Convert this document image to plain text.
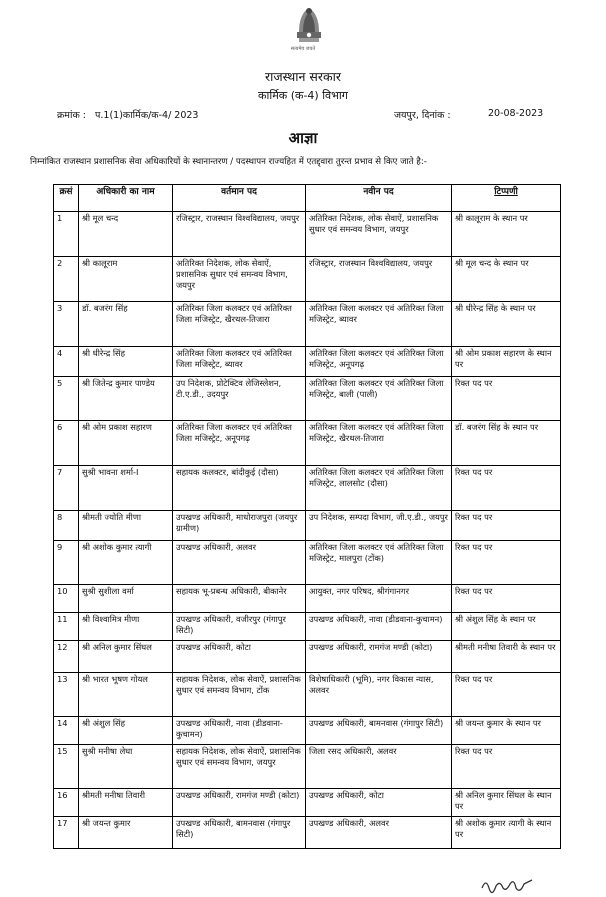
सत्यमेव जयते
राजस्थान सरकार
कार्मिक (क-4) विभाग
क्रमांक : प.1(1)कार्मिक/क-4/ 2023	जयपुर, दिनांक :	20-08-2023
आज्ञा
निम्नांकित राजस्थान प्रशासनिक सेवा अधिकारियों के स्थानान्तरण / पदस्थापन राज्यहित में एतद्द्वारा तुरन्त प्रभाव से किए जाते है:-
क्रसं	अधिकारी का नाम	वर्तमान पद	नवीन पद	टिप्पणी
1	श्री मूल चन्द	रजिस्ट्रार, राजस्थान विश्वविद्यालय, जयपुर	अतिरिक्त निदेशक, लोक सेवाऐं, प्रशासनिक सुधार एवं समन्वय विभाग, जयपुर	श्री कालूराम के स्थान पर
2	श्री कालूराम	अतिरिक्त निदेशक, लोक सेवाऐं, प्रशासनिक सुधार एवं समन्वय विभाग, जयपुर	रजिस्ट्रार, राजस्थान विश्वविद्यालय, जयपुर	श्री मूल चन्द के स्थान पर
3	डॉ. बजरंग सिंह	अतिरिक्त जिला कलक्टर एवं अतिरिक्त जिला मजिस्ट्रेट, खैरथल-तिजारा	अतिरिक्त जिला कलक्टर एवं अतिरिक्त जिला मजिस्ट्रेट, ब्यावर	श्री धीरेन्द्र सिंह के स्थान पर
4	श्री धीरेन्द्र सिंह	अतिरिक्त जिला कलक्टर एवं अतिरिक्त जिला मजिस्ट्रेट, ब्यावर	अतिरिक्त जिला कलक्टर एवं अतिरिक्त जिला मजिस्ट्रेट, अनूपगढ़	श्री ओम प्रकाश सहारण के स्थान पर
5	श्री जितेन्द्र कुमार पाण्डेय	उप निदेशक, प्रोटेक्टिव लेजिस्लेशन, टी.ए.डी., उदयपुर	अतिरिक्त जिला कलक्टर एवं अतिरिक्त जिला मजिस्ट्रेट, बाली (पाली)	रिक्त पद पर
6	श्री ओम प्रकाश सहारण	अतिरिक्त जिला कलक्टर एवं अतिरिक्त जिला मजिस्ट्रेट, अनूपगढ़	अतिरिक्त जिला कलक्टर एवं अतिरिक्त जिला मजिस्ट्रेट, खैरथल-तिजारा	डॉ. बजरंग सिंह के स्थान पर
7	सुश्री भावना शर्मा-I	सहायक कलक्टर, बांदीकुई (दौसा)	अतिरिक्त जिला कलक्टर एवं अतिरिक्त जिला मजिस्ट्रेट, लालसोट (दौसा)	रिक्त पद पर
8	श्रीमती ज्योति मीणा	उपखण्ड अधिकारी, माधोराजपुरा (जयपुर ग्रामीण)	उप निदेशक, सम्पदा विभाग, जी.ए.डी., जयपुर	रिक्त पद पर
9	श्री अशोक कुमार त्यागी	उपखण्ड अधिकारी, अलवर	अतिरिक्त जिला कलक्टर एवं अतिरिक्त जिला मजिस्ट्रेट, मालपुरा (टोंक)	रिक्त पद पर
10	सुश्री सुशीला वर्मा	सहायक भू-प्रबन्ध अधिकारी, बीकानेर	आयुक्त, नगर परिषद, श्रीगंगानगर	रिक्त पद पर
11	श्री विश्वामित्र मीणा	उपखण्ड अधिकारी, वजीरपुर (गंगापुर सिटी)	उपखण्ड अधिकारी, नावा (डीडवाना-कुचामन)	श्री अंशुल सिंह के स्थान पर
12	श्री अनिल कुमार सिंघल	उपखण्ड अधिकारी, कोटा	उपखण्ड अधिकारी, रामगंज मण्डी (कोटा)	श्रीमती मनीषा तिवारी के स्थान पर
13	श्री भारत भूषण गोयल	सहायक निदेशक, लोक सेवाऐं, प्रशासनिक सुधार एवं समन्वय विभाग, टोंक	विशेषाधिकारी (भूमि), नगर विकास न्यास, अलवर	रिक्त पद पर
14	श्री अंशुल सिंह	उपखण्ड अधिकारी, नावा (डीडवाना-कुचामन)	उपखण्ड अधिकारी, बामनवास (गंगापुर सिटी)	श्री जयन्त कुमार के स्थान पर
15	सुश्री मनीषा लेघा	सहायक निदेशक, लोक सेवाऐं, प्रशासनिक सुधार एवं समन्वय विभाग, जयपुर	जिला रसद अधिकारी, अलवर	रिक्त पद पर
16	श्रीमती मनीषा तिवारी	उपखण्ड अधिकारी, रामगंज मण्डी (कोटा)	उपखण्ड अधिकारी, कोटा	श्री अनिल कुमार सिंघल के स्थान पर
17	श्री जयन्त कुमार	उपखण्ड अधिकारी, बामनवास (गंगापुर सिटी)	उपखण्ड अधिकारी, अलवर	श्री अशोक कुमार त्यागी के स्थान पर
